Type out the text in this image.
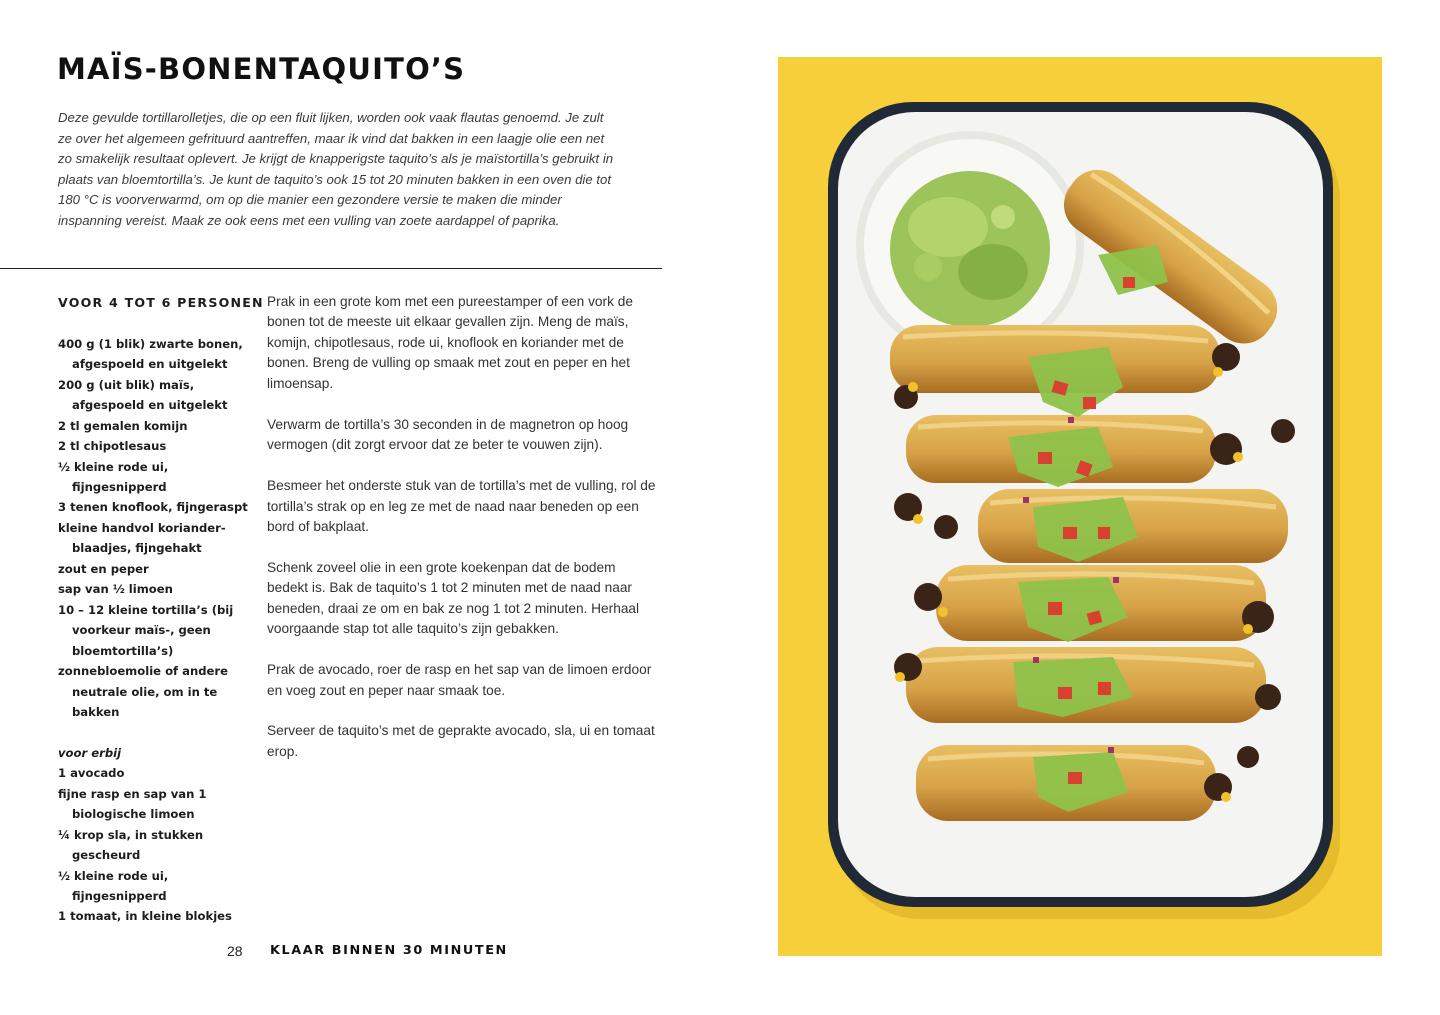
MAÏS-BONENTAQUITO’S

Deze gevulde tortillarolletjes, die op een fluit lijken, worden ook vaak flautas genoemd. Je zult ze over het algemeen gefrituurd aantreffen, maar ik vind dat bakken in een laagje olie een net zo smakelijk resultaat oplevert. Je krijgt de knapperigste taquito’s als je maïstortilla’s gebruikt in plaats van bloemtortilla’s. Je kunt de taquito’s ook 15 tot 20 minuten bakken in een oven die tot 180 °C is voorverwarmd, om op die manier een gezondere versie te maken die minder inspanning vereist. Maak ze ook eens met een vulling van zoete aardappel of paprika.

VOOR 4 TOT 6 PERSONEN
400 g (1 blik) zwarte bonen, afgespoeld en uitgelekt
200 g (uit blik) maïs, afgespoeld en uitgelekt
2 tl gemalen komijn
2 tl chipotlesaus
½ kleine rode ui, fijngesnipperd
3 tenen knoflook, fijngeraspt
kleine handvol koriander- blaadjes, fijngehakt
zout en peper
sap van ½ limoen
10 – 12 kleine tortilla’s (bij voorkeur maïs-, geen bloemtortilla’s)
zonnebloemolie of andere neutrale olie, om in te bakken
voor erbij
1 avocado
fijne rasp en sap van 1 biologische limoen
¼ krop sla, in stukken gescheurd
½ kleine rode ui, fijngesnipperd
1 tomaat, in kleine blokjes

Prak in een grote kom met een pureestamper of een vork de bonen tot de meeste uit elkaar gevallen zijn. Meng de maïs, komijn, chipotlesaus, rode ui, knoflook en koriander met de bonen. Breng de vulling op smaak met zout en peper en het limoensap.

Verwarm de tortilla’s 30 seconden in de magnetron op hoog vermogen (dit zorgt ervoor dat ze beter te vouwen zijn).

Besmeer het onderste stuk van de tortilla’s met de vulling, rol de tortilla’s strak op en leg ze met de naad naar beneden op een bord of bakplaat.

Schenk zoveel olie in een grote koekenpan dat de bodem bedekt is. Bak de taquito’s 1 tot 2 minuten met de naad naar beneden, draai ze om en bak ze nog 1 tot 2 minuten. Herhaal voorgaande stap tot alle taquito’s zijn gebakken.

Prak de avocado, roer de rasp en het sap van de limoen erdoor en voeg zout en peper naar smaak toe.

Serveer de taquito’s met de geprakte avocado, sla, ui en tomaat erop.

28 KLAAR BINNEN 30 MINUTEN
